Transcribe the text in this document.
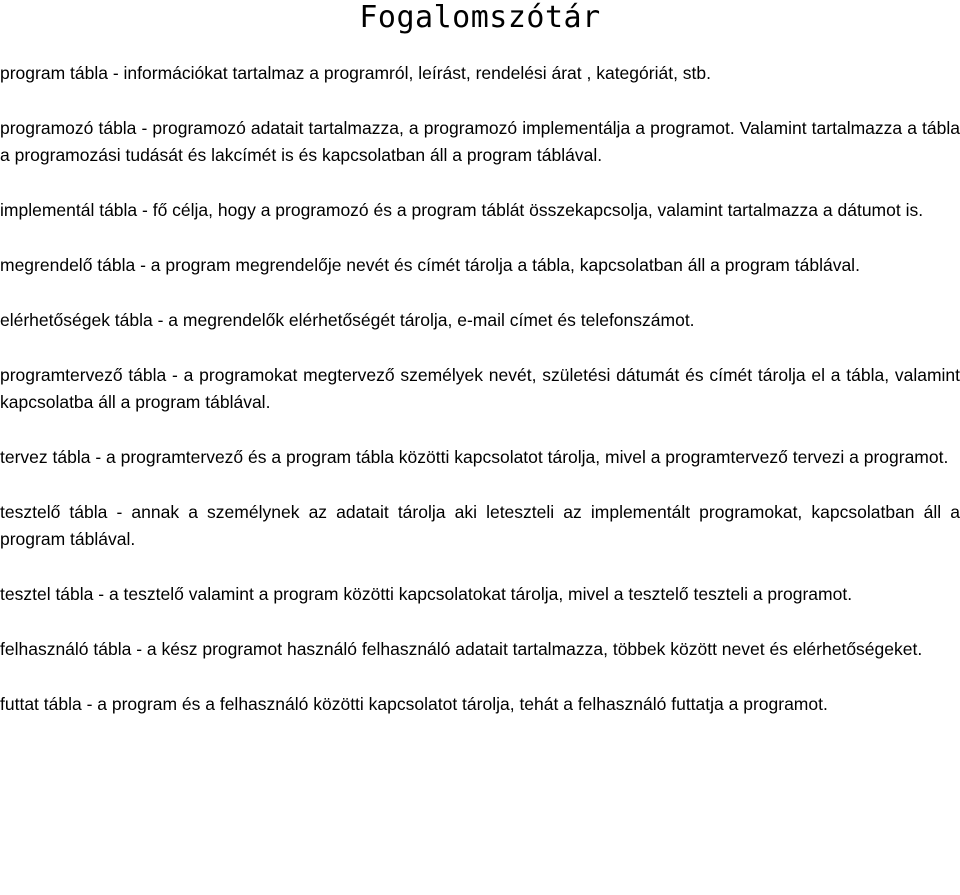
Fogalomszótár

program tábla - információkat tartalmaz a programról, leírást, rendelési árat , kategóriát, stb.

programozó tábla - programozó adatait tartalmazza, a programozó implementálja a programot. Valamint tartalmazza a tábla a programozási tudását és lakcímét is és kapcsolatban áll a program táblával.

implementál tábla - fő célja, hogy a programozó és a program táblát összekapcsolja, valamint tartalmazza a dátumot is.

megrendelő tábla - a program megrendelője nevét és címét tárolja a tábla, kapcsolatban áll a program táblával.

elérhetőségek tábla - a megrendelők elérhetőségét tárolja, e-mail címet és telefonszámot.

programtervező tábla - a programokat megtervező személyek nevét, születési dátumát és címét tárolja el a tábla, valamint kapcsolatba áll a program táblával.

tervez tábla - a programtervező és a program tábla közötti kapcsolatot tárolja, mivel a programtervező tervezi a programot.

tesztelő tábla - annak a személynek az adatait tárolja aki leteszteli az implementált programokat, kapcsolatban áll a program táblával.

tesztel tábla - a tesztelő valamint a program közötti kapcsolatokat tárolja, mivel a tesztelő teszteli a programot.

felhasználó tábla - a kész programot használó felhasználó adatait tartalmazza, többek között nevet és elérhetőségeket.

futtat tábla - a program és a felhasználó közötti kapcsolatot tárolja, tehát a felhasználó futtatja a programot.
